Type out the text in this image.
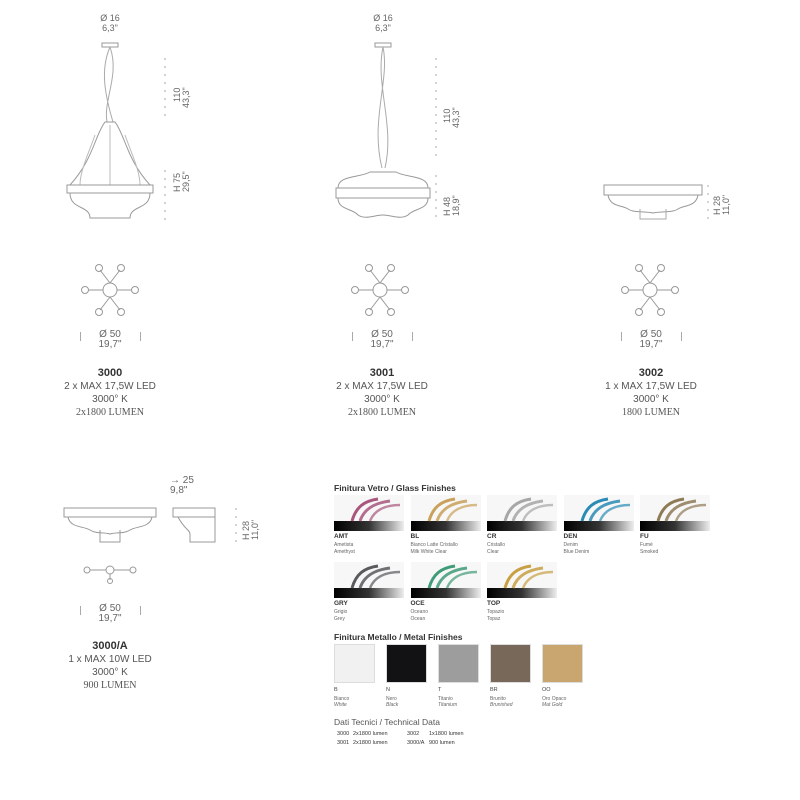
Ø 16
6,3"
110 43,3"
H 75 29,5"
Ø 16
6,3"
110 43,3"
H 48 18,9"	H 28 11,0"
Ø 50
19,7"
Ø 50
19,7"
Ø 50
19,7"
3000
2 x MAX 17,5W LED
3000° K
2x1800 LUMEN
3001
2 x MAX 17,5W LED
3000° K
2x1800 LUMEN
3002
1 x MAX 17,5W LED
3000° K
1800 LUMEN
→ 25
9,8"
H 28 11,0"
Ø 50
19,7"
3000/A
1 x MAX 10W LED
3000° K
900 LUMEN
Finitura Vetro / Glass Finishes
AMT
Ametista
Amethyst
BL
Bianco Latte Cristallo
Milk White Clear
CR
Cristallo
Clear
DEN
Denim
Blue Denim
FU
Fumè
Smoked
GRY
Grigio
Grey
OCE
Oceano
Ocean
TOP
Topazio
Topaz
Finitura Metallo / Metal Finishes
B
Bianco
White
N
Nero
Black
T
Titanio
Titanium
BR
Brunito
Brunished
OO
Oro Opaco
Mat Gold
Dati Tecnici / Technical Data
3000 2x1800 lumen	3002 1x1800 lumen
3001 2x1800 lumen	3000/A 900 lumen
